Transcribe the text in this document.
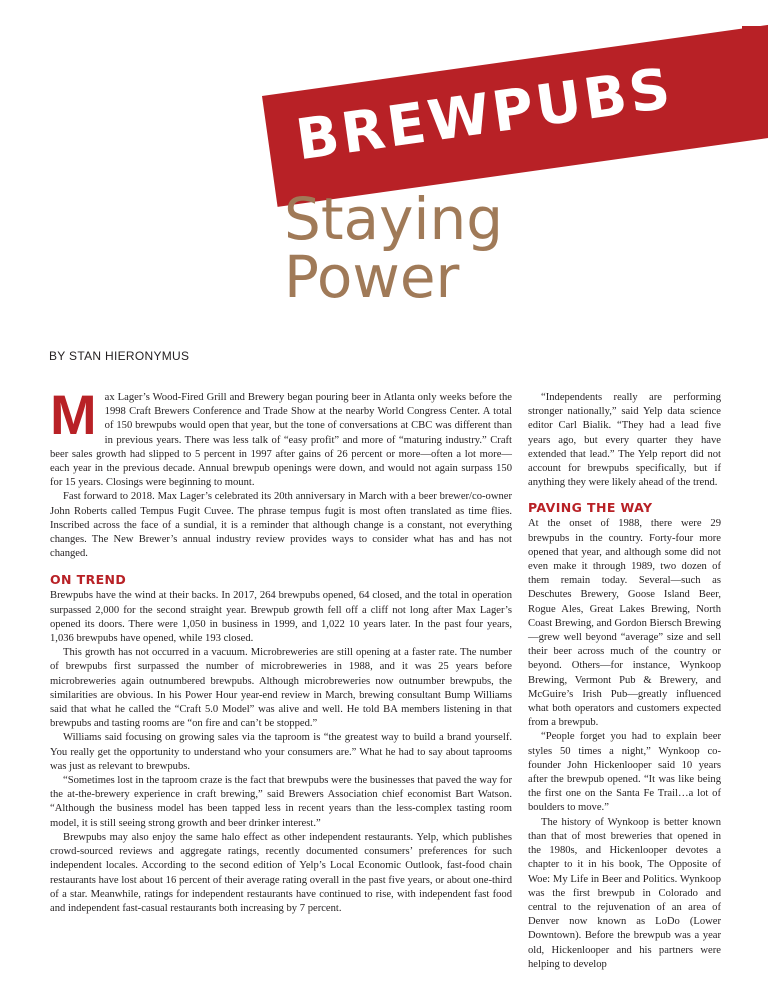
BREWPUBS
Staying
Power

BY STAN HIERONYMUS

M ax Lager’s Wood-Fired Grill and Brewery began pouring beer in Atlanta only weeks before the 1998 Craft Brewers Conference and Trade Show at the nearby World Congress Center. A total of 150 brewpubs would open that year, but the tone of conversations at CBC was different than in previous years. There was less talk of “easy profit” and more of “maturing industry.” Craft beer sales growth had slipped to 5 percent in 1997 after gains of 26 percent or more—often a lot more—each year in the previous decade. Annual brewpub openings were down, and would not again surpass 150 for 15 years. Closings were beginning to mount.

Fast forward to 2018. Max Lager’s celebrated its 20th anniversary in March with a beer brewer/co-owner John Roberts called Tempus Fugit Cuvee. The phrase tempus fugit is most often translated as time flies. Inscribed across the face of a sundial, it is a reminder that although change is a constant, not everything changes. The New Brewer’s annual industry review provides ways to consider what has and has not changed.

ON TREND

Brewpubs have the wind at their backs. In 2017, 264 brewpubs opened, 64 closed, and the total in operation surpassed 2,000 for the second straight year. Brewpub growth fell off a cliff not long after Max Lager’s opened its doors. There were 1,050 in business in 1999, and 1,022 10 years later. In the past four years, 1,036 brewpubs have opened, while 193 closed.

This growth has not occurred in a vacuum. Microbreweries are still opening at a faster rate. The number of brewpubs first surpassed the number of microbreweries in 1988, and it was 25 years before microbreweries again outnumbered brewpubs. Although microbreweries now outnumber brewpubs, the similarities are obvious. In his Power Hour year-end review in March, brewing consultant Bump Williams said that what he called the “Craft 5.0 Model” was alive and well. He told BA members listening in that brewpubs and tasting rooms are “on fire and can’t be stopped.”

Williams said focusing on growing sales via the taproom is “the greatest way to build a brand yourself. You really get the opportunity to understand who your consumers are.” What he had to say about taprooms was just as relevant to brewpubs.

“Sometimes lost in the taproom craze is the fact that brewpubs were the businesses that paved the way for the at-the-brewery experience in craft brewing,” said Brewers Association chief economist Bart Watson. “Although the business model has been tapped less in recent years than the less-complex tasting room model, it is still seeing strong growth and beer drinker interest.”

Brewpubs may also enjoy the same halo effect as other independent restaurants. Yelp, which publishes crowd-sourced reviews and aggregate ratings, recently documented consumers’ preferences for such independent locales. According to the second edition of Yelp’s Local Economic Outlook, fast-food chain restaurants have lost about 16 percent of their average rating overall in the past five years, or about one-third of a star. Meanwhile, ratings for independent restaurants have continued to rise, with independent fast food and independent fast-casual restaurants both increasing by 7 percent.

“Independents really are performing stronger nationally,” said Yelp data science editor Carl Bialik. “They had a lead five years ago, but every quarter they have extended that lead.” The Yelp report did not account for brewpubs specifically, but if anything they were likely ahead of the trend.

PAVING THE WAY

At the onset of 1988, there were 29 brewpubs in the country. Forty-four more opened that year, and although some did not even make it through 1989, two dozen of them remain today. Several—such as Deschutes Brewery, Goose Island Beer, Rogue Ales, Great Lakes Brewing, North Coast Brewing, and Gordon Biersch Brewing—grew well beyond “average” size and sell their beer across much of the country or beyond. Others—for instance, Wynkoop Brewing, Vermont Pub & Brewery, and McGuire’s Irish Pub—greatly influenced what both operators and customers expected from a brewpub.

“People forget you had to explain beer styles 50 times a night,” Wynkoop co-founder John Hickenlooper said 10 years after the brewpub opened. “It was like being the first one on the Santa Fe Trail…a lot of boulders to move.”

The history of Wynkoop is better known than that of most breweries that opened in the 1980s, and Hickenlooper devotes a chapter to it in his book, The Opposite of Woe: My Life in Beer and Politics. Wynkoop was the first brewpub in Colorado and central to the rejuvenation of an area of Denver now known as LoDo (Lower Downtown). Before the brewpub was a year old, Hickenlooper and his partners were helping to develop
